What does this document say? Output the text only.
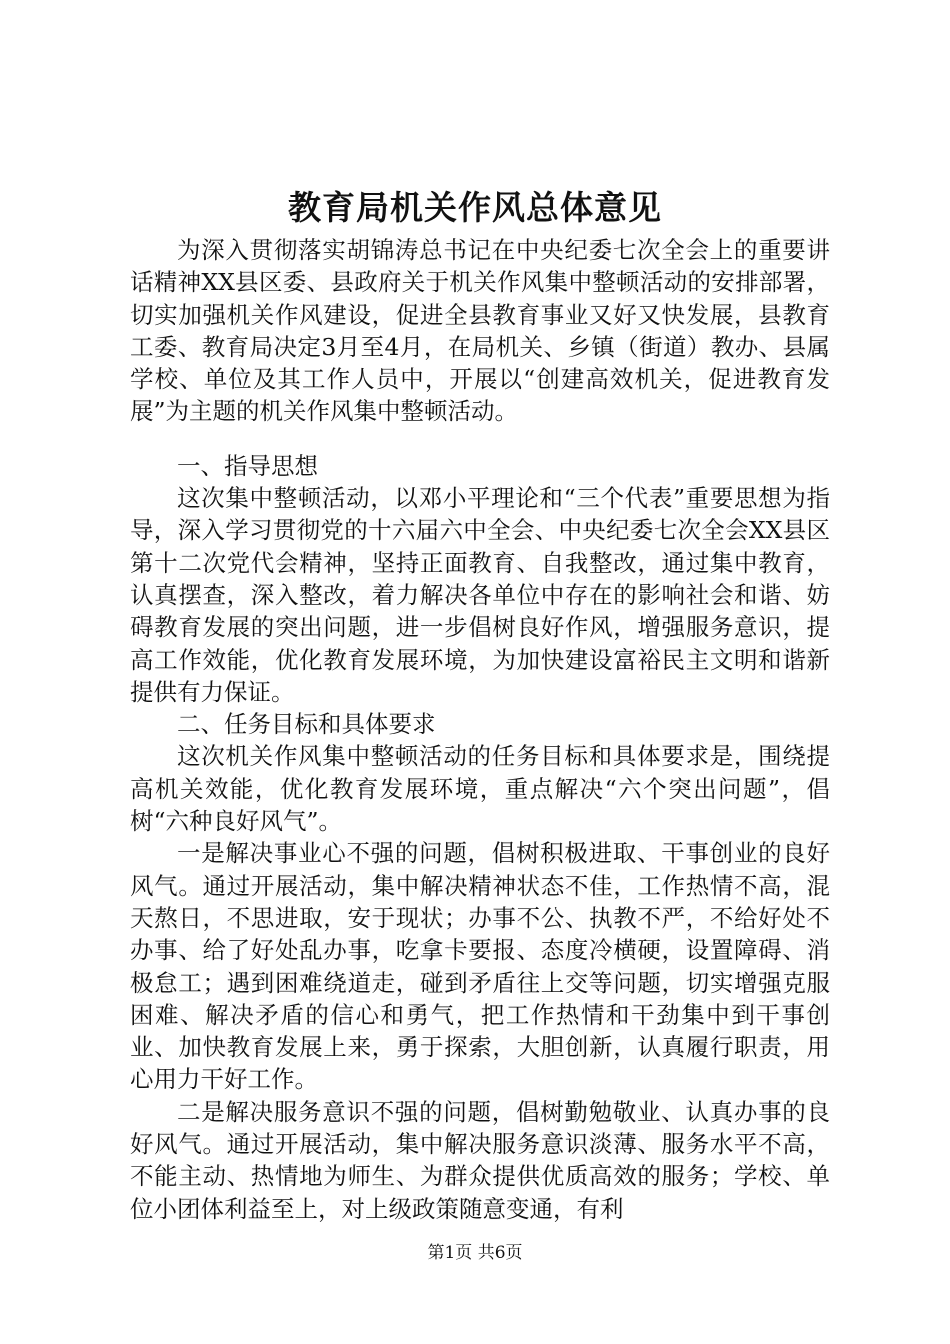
教育局机关作风总体意见

为深入贯彻落实胡锦涛总书记在中央纪委七次全会上的重要讲话精神XX县区委、县政府关于机关作风集中整顿活动的安排部署，切实加强机关作风建设，促进全县教育事业又好又快发展，县教育工委、教育局决定3月至4月，在局机关、乡镇（街道）教办、县属学校、单位及其工作人员中，开展以“创建高效机关，促进教育发展”为主题的机关作风集中整顿活动。

一、指导思想

这次集中整顿活动，以邓小平理论和“三个代表”重要思想为指导，深入学习贯彻党的十六届六中全会、中央纪委七次全会XX县区第十二次党代会精神，坚持正面教育、自我整改，通过集中教育，认真摆查，深入整改，着力解决各单位中存在的影响社会和谐、妨碍教育发展的突出问题，进一步倡树良好作风，增强服务意识，提高工作效能，优化教育发展环境，为加快建设富裕民主文明和谐新提供有力保证。

二、任务目标和具体要求

这次机关作风集中整顿活动的任务目标和具体要求是，围绕提高机关效能，优化教育发展环境，重点解决“六个突出问题”，倡树“六种良好风气”。

一是解决事业心不强的问题，倡树积极进取、干事创业的良好风气。通过开展活动，集中解决精神状态不佳，工作热情不高，混天熬日，不思进取，安于现状；办事不公、执教不严，不给好处不办事、给了好处乱办事，吃拿卡要报、态度冷横硬，设置障碍、消极怠工；遇到困难绕道走，碰到矛盾往上交等问题，切实增强克服困难、解决矛盾的信心和勇气，把工作热情和干劲集中到干事创业、加快教育发展上来，勇于探索，大胆创新，认真履行职责，用心用力干好工作。

二是解决服务意识不强的问题，倡树勤勉敬业、认真办事的良好风气。通过开展活动，集中解决服务意识淡薄、服务水平不高，不能主动、热情地为师生、为群众提供优质高效的服务；学校、单位小团体利益至上，对上级政策随意变通，有利

第1页 共6页
